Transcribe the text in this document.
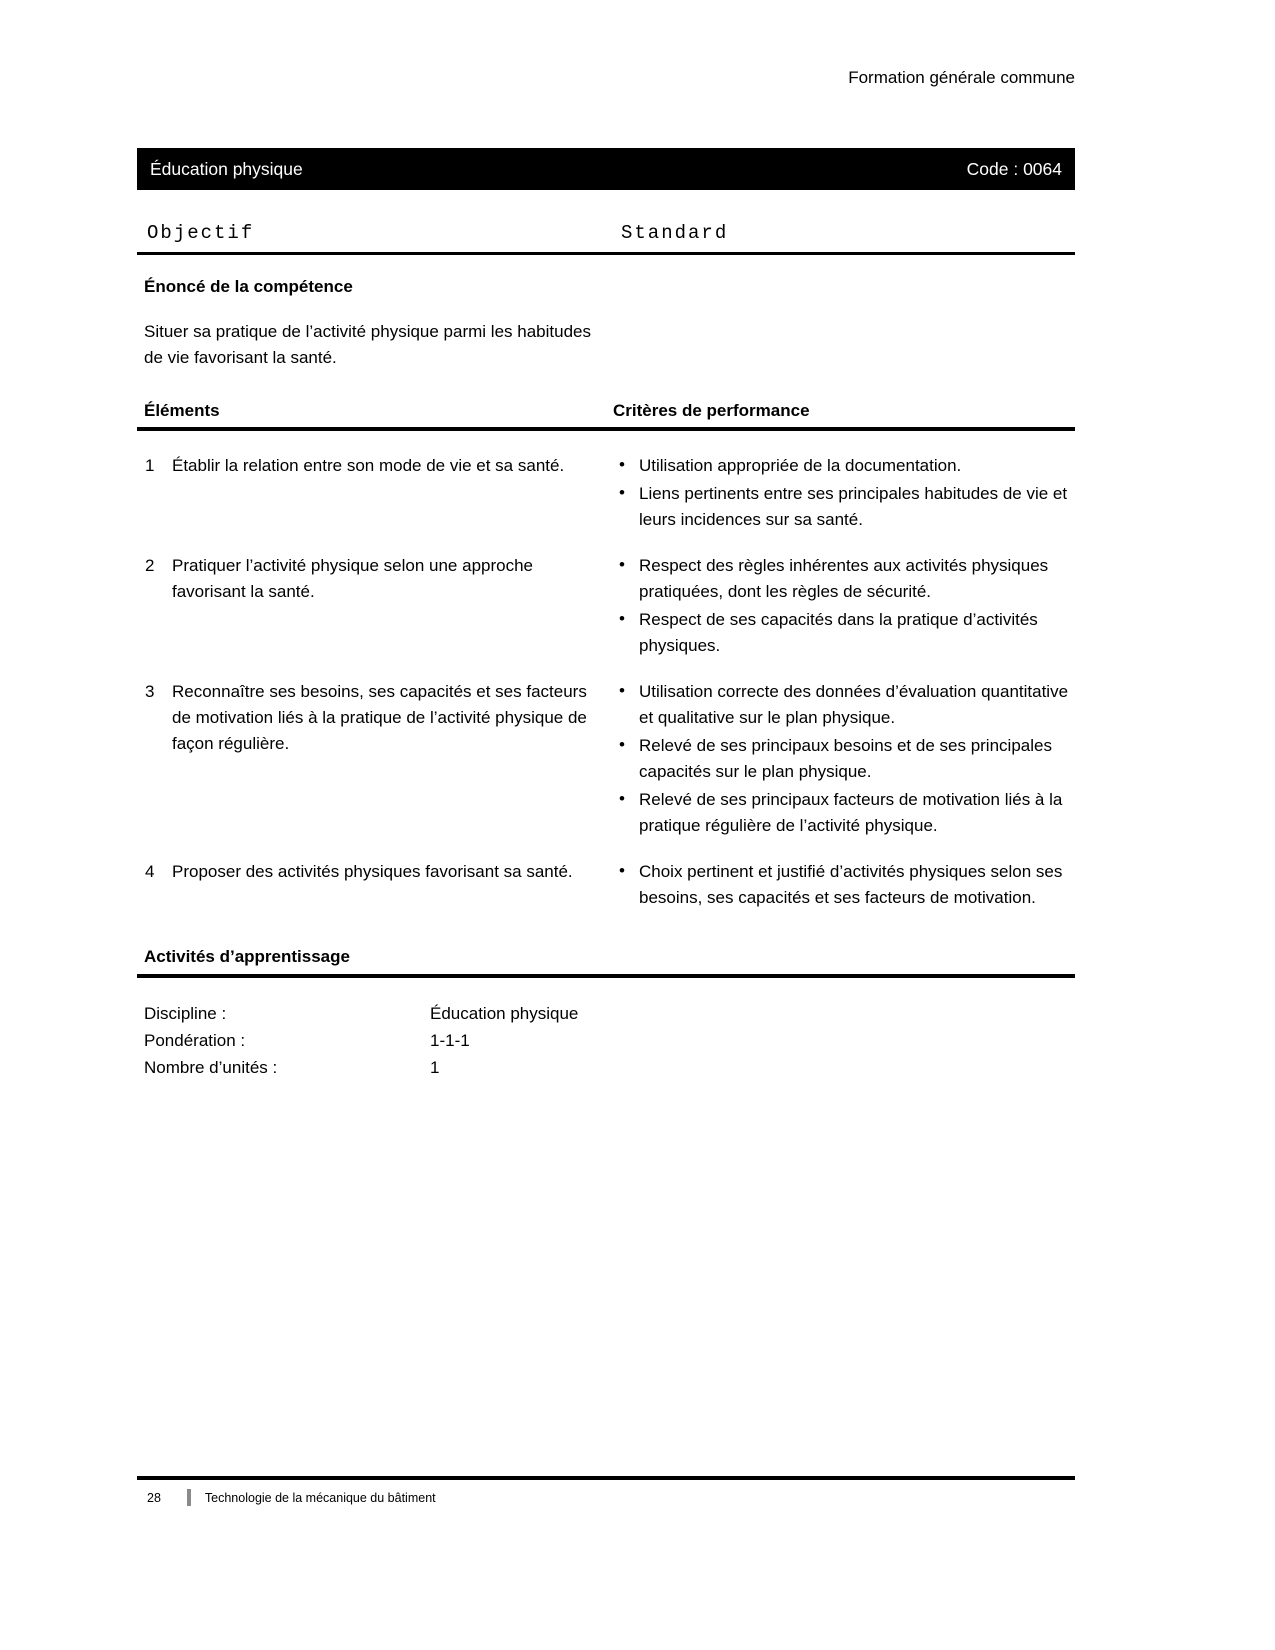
Formation générale commune
Éducation physique	Code : 0064
Objectif	Standard
Énoncé de la compétence

Situer sa pratique de l’activité physique parmi les habitudes de vie favorisant la santé.

Éléments	Critères de performance
1	Établir la relation entre son mode de vie et sa santé.	• Utilisation appropriée de la documentation.
• Liens pertinents entre ses principales habitudes de vie et leurs incidences sur sa santé.
2	Pratiquer l’activité physique selon une approche favorisant la santé.
• Respect des règles inhérentes aux activités physiques pratiquées, dont les règles de sécurité.
• Respect de ses capacités dans la pratique d’activités physiques.
3	Reconnaître ses besoins, ses capacités et ses facteurs de motivation liés à la pratique de l’activité physique de façon régulière.
• Utilisation correcte des données d’évaluation quantitative et qualitative sur le plan physique.
• Relevé de ses principaux besoins et de ses principales capacités sur le plan physique.
• Relevé de ses principaux facteurs de motivation liés à la pratique régulière de l’activité physique.
4	Proposer des activités physiques favorisant sa santé.	• Choix pertinent et justifié d’activités physiques selon ses besoins, ses capacités et ses facteurs de motivation.
Activités d’apprentissage
Discipline :	Éducation physique
Pondération :	1-1-1
Nombre d’unités :	1
28	Technologie de la mécanique du bâtiment
